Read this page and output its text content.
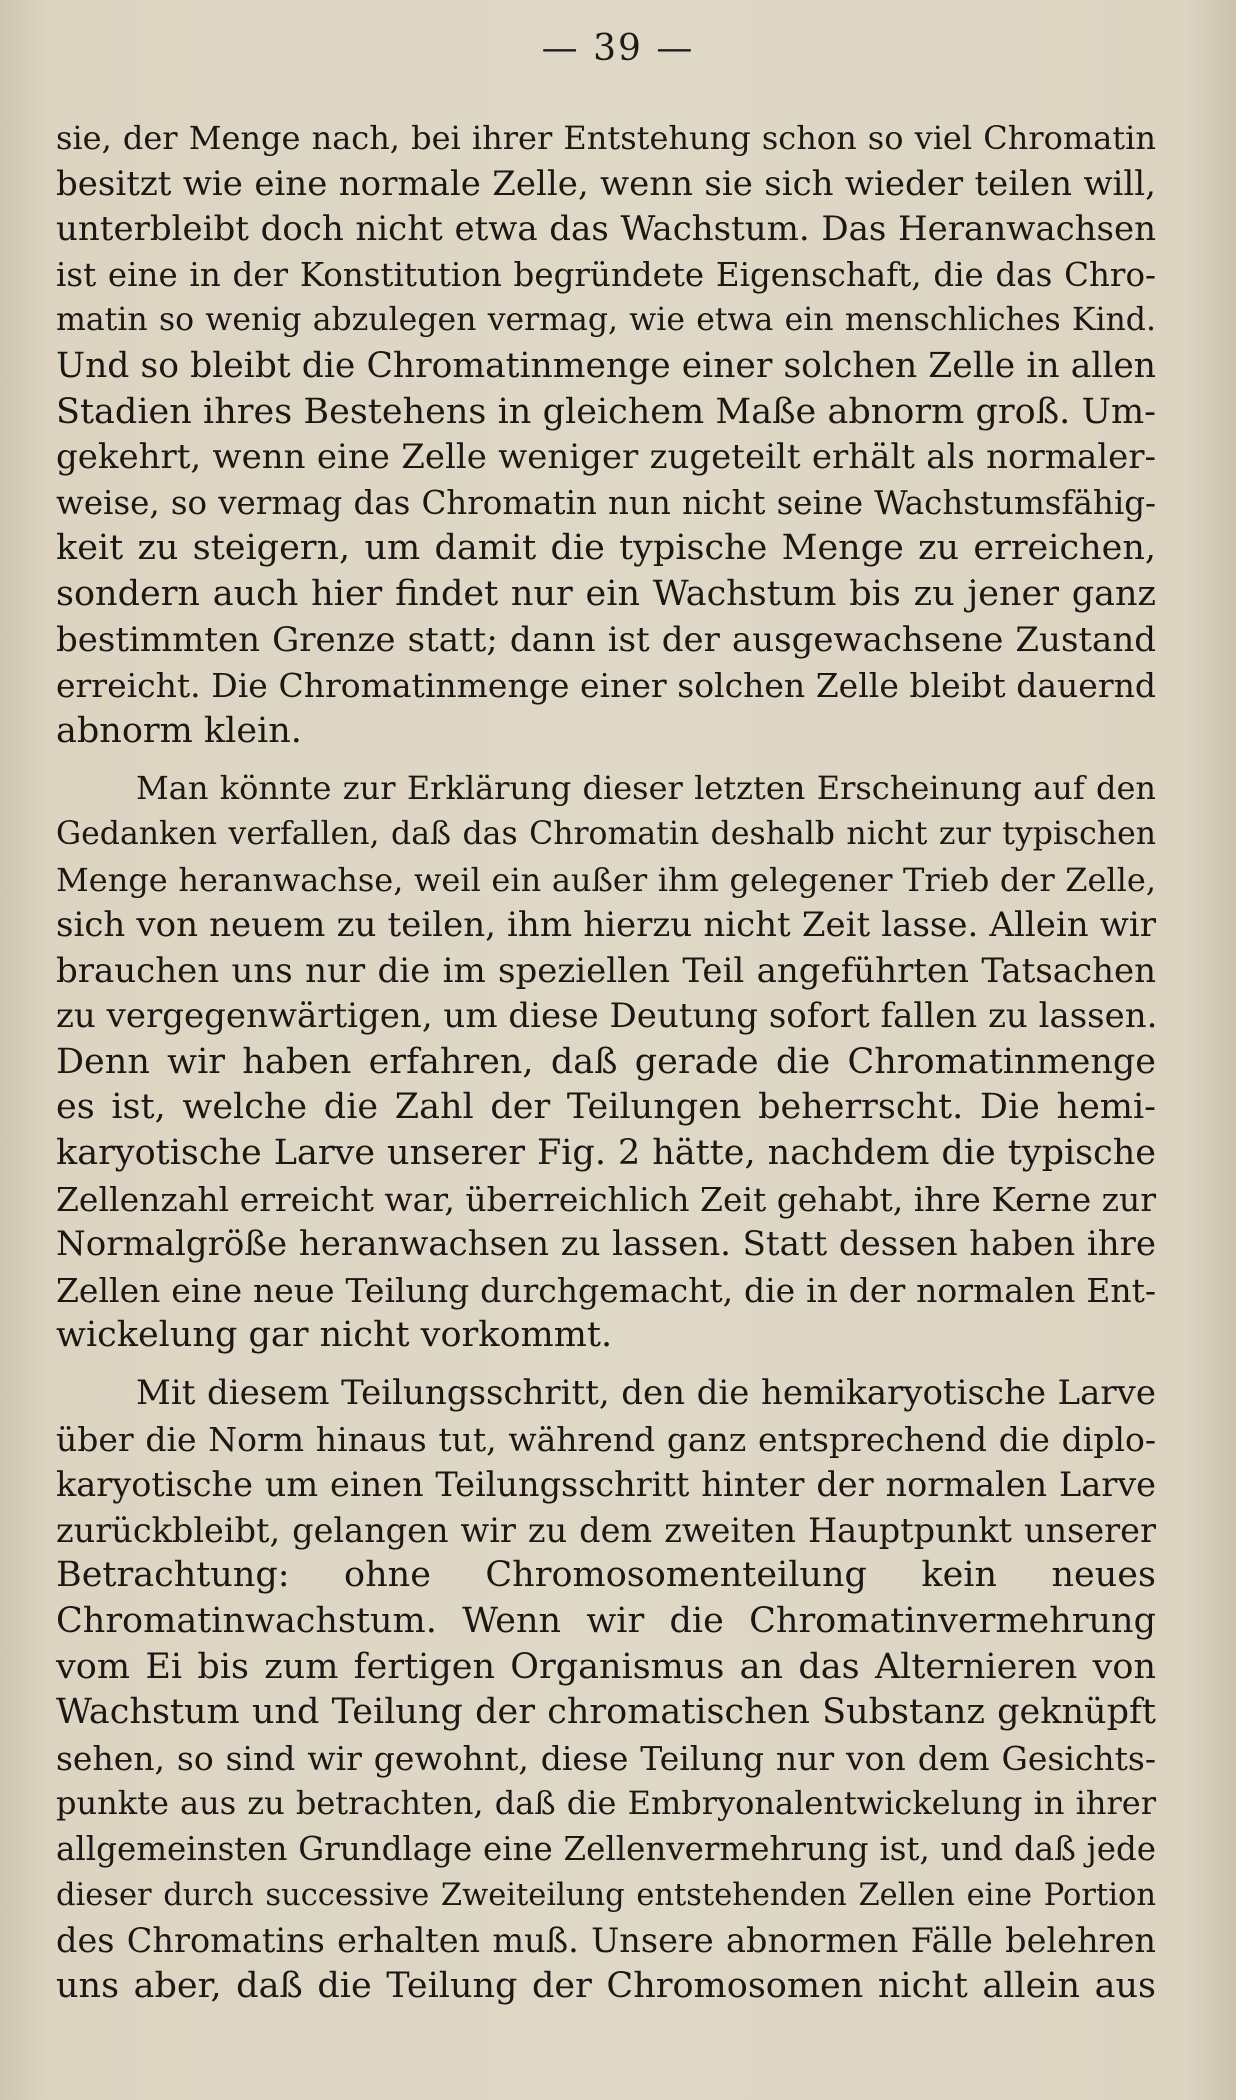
— 39 —
sie, der Menge nach, bei ihrer Entstehung schon so viel Chromatin
besitzt wie eine normale Zelle, wenn sie sich wieder teilen will,
unterbleibt doch nicht etwa das Wachstum. Das Heranwachsen
ist eine in der Konstitution begründete Eigenschaft, die das Chro-
matin so wenig abzulegen vermag, wie etwa ein menschliches Kind.
Und so bleibt die Chromatinmenge einer solchen Zelle in allen
Stadien ihres Bestehens in gleichem Maße abnorm groß. Um-
gekehrt, wenn eine Zelle weniger zugeteilt erhält als normaler-
weise, so vermag das Chromatin nun nicht seine Wachstumsfähig-
keit zu steigern, um damit die typische Menge zu erreichen,
sondern auch hier findet nur ein Wachstum bis zu jener ganz
bestimmten Grenze statt; dann ist der ausgewachsene Zustand
erreicht. Die Chromatinmenge einer solchen Zelle bleibt dauernd
abnorm klein.
Man könnte zur Erklärung dieser letzten Erscheinung auf den
Gedanken verfallen, daß das Chromatin deshalb nicht zur typischen
Menge heranwachse, weil ein außer ihm gelegener Trieb der Zelle,
sich von neuem zu teilen, ihm hierzu nicht Zeit lasse. Allein wir
brauchen uns nur die im speziellen Teil angeführten Tatsachen
zu vergegenwärtigen, um diese Deutung sofort fallen zu lassen.
Denn wir haben erfahren, daß gerade die Chromatinmenge
es ist, welche die Zahl der Teilungen beherrscht. Die hemi-
karyotische Larve unserer Fig. 2 hätte, nachdem die typische
Zellenzahl erreicht war, überreichlich Zeit gehabt, ihre Kerne zur
Normalgröße heranwachsen zu lassen. Statt dessen haben ihre
Zellen eine neue Teilung durchgemacht, die in der normalen Ent-
wickelung gar nicht vorkommt.
Mit diesem Teilungsschritt, den die hemikaryotische Larve
über die Norm hinaus tut, während ganz entsprechend die diplo-
karyotische um einen Teilungsschritt hinter der normalen Larve
zurückbleibt, gelangen wir zu dem zweiten Hauptpunkt unserer
Betrachtung: ohne Chromosomenteilung kein neues
Chromatinwachstum. Wenn wir die Chromatinvermehrung
vom Ei bis zum fertigen Organismus an das Alternieren von
Wachstum und Teilung der chromatischen Substanz geknüpft
sehen, so sind wir gewohnt, diese Teilung nur von dem Gesichts-
punkte aus zu betrachten, daß die Embryonalentwickelung in ihrer
allgemeinsten Grundlage eine Zellenvermehrung ist, und daß jede
dieser durch successive Zweiteilung entstehenden Zellen eine Portion
des Chromatins erhalten muß. Unsere abnormen Fälle belehren
uns aber, daß die Teilung der Chromosomen nicht allein aus
